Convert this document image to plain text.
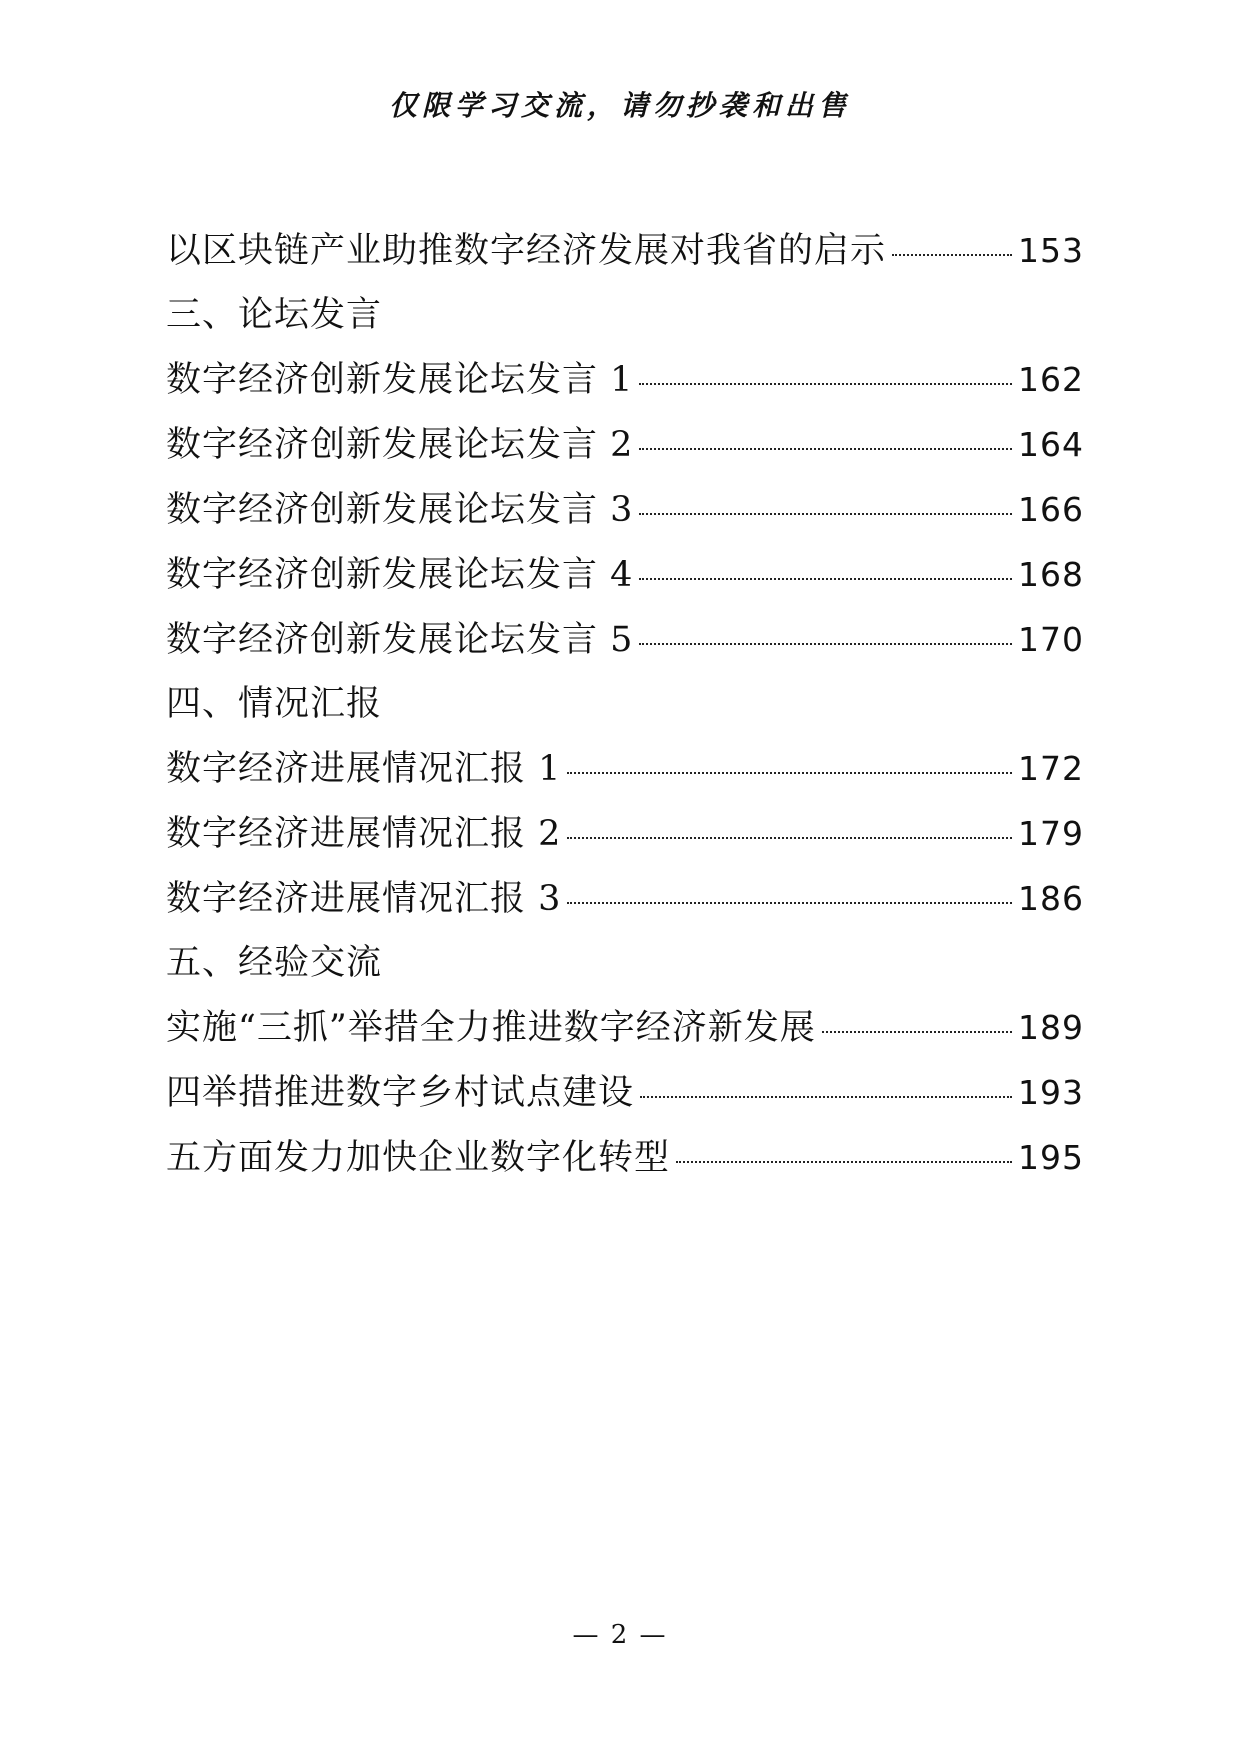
仅限学习交流，请勿抄袭和出售
以区块链产业助推数字经济发展对我省的启示	153
三、论坛发言
数字经济创新发展论坛发言 1	162
数字经济创新发展论坛发言 2	164
数字经济创新发展论坛发言 3	166
数字经济创新发展论坛发言 4	168
数字经济创新发展论坛发言 5	170
四、情况汇报
数字经济进展情况汇报 1	172
数字经济进展情况汇报 2	179
数字经济进展情况汇报 3	186
五、经验交流
实施“三抓”举措全力推进数字经济新发展	189
四举措推进数字乡村试点建设	193
五方面发力加快企业数字化转型	195
— 2 —
